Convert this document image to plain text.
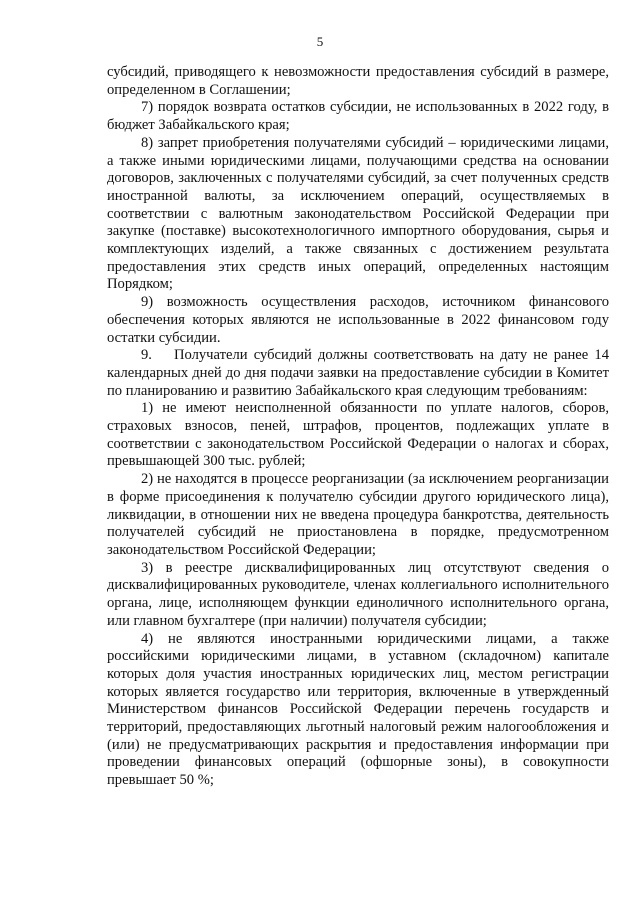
5

субсидий, приводящего к невозможности предоставления субсидий в размере, определенном в Соглашении;

7) порядок возврата остатков субсидии, не использованных в 2022 году, в бюджет Забайкальского края;

8) запрет приобретения получателями субсидий – юридическими лицами, а также иными юридическими лицами, получающими средства на основании договоров, заключенных с получателями субсидий, за счет полученных средств иностранной валюты, за исключением операций, осуществляемых в соответствии с валютным законодательством Российской Федерации при закупке (поставке) высокотехнологичного импортного оборудования, сырья и комплектующих изделий, а также связанных с достижением результата предоставления этих средств иных операций, определенных настоящим Порядком;

9) возможность осуществления расходов, источником финансового обеспечения которых являются не использованные в 2022 финансовом году остатки субсидии.

9. Получатели субсидий должны соответствовать на дату не ранее 14 календарных дней до дня подачи заявки на предоставление субсидии в Комитет по планированию и развитию Забайкальского края следующим требованиям:

1) не имеют неисполненной обязанности по уплате налогов, сборов, страховых взносов, пеней, штрафов, процентов, подлежащих уплате в соответствии с законодательством Российской Федерации о налогах и сборах, превышающей 300 тыс. рублей;

2) не находятся в процессе реорганизации (за исключением реорганизации в форме присоединения к получателю субсидии другого юридического лица), ликвидации, в отношении них не введена процедура банкротства, деятельность получателей субсидий не приостановлена в порядке, предусмотренном законодательством Российской Федерации;

3) в реестре дисквалифицированных лиц отсутствуют сведения о дисквалифицированных руководителе, членах коллегиального исполнительного органа, лице, исполняющем функции единоличного исполнительного органа, или главном бухгалтере (при наличии) получателя субсидии;

4) не являются иностранными юридическими лицами, а также российскими юридическими лицами, в уставном (складочном) капитале которых доля участия иностранных юридических лиц, местом регистрации которых является государство или территория, включенные в утвержденный Министерством финансов Российской Федерации перечень государств и территорий, предоставляющих льготный налоговый режим налогообложения и (или) не предусматривающих раскрытия и предоставления информации при проведении финансовых операций (офшорные зоны), в совокупности превышает 50 %;
